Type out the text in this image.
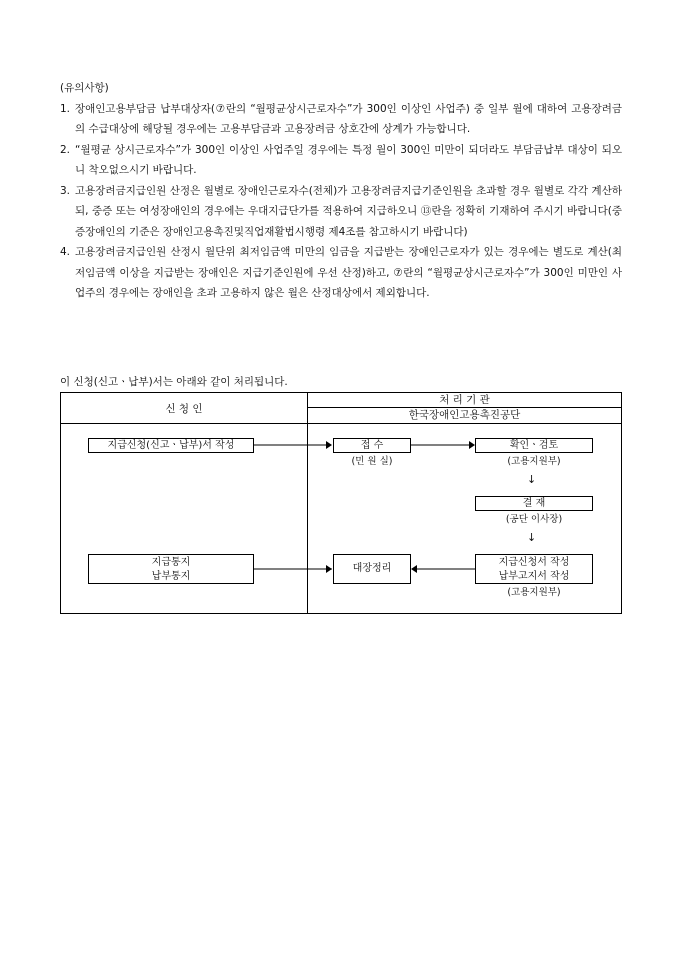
(유의사항)

1. 장애인고용부담금 납부대상자(⑦란의 “월평균상시근로자수”가 300인 이상인 사업주) 중 일부 월에 대하여 고용장려금의 수급대상에 해당될 경우에는 고용부담금과 고용장려금 상호간에 상계가 가능합니다.
2. “월평균 상시근로자수”가 300인 이상인 사업주일 경우에는 특정 월이 300인 미만이 되더라도 부담금납부 대상이 되오니 착오없으시기 바랍니다.
3. 고용장려금지급인원 산정은 월별로 장애인근로자수(전체)가 고용장려금지급기준인원을 초과할 경우 월별로 각각 계산하되, 중증 또는 여성장애인의 경우에는 우대지급단가를 적용하여 지급하오니 ⑬란을 정확히 기재하여 주시기 바랍니다(중증장애인의 기준은 장애인고용촉진및직업재활법시행령 제4조를 참고하시기 바랍니다)
4. 고용장려금지급인원 산정시 월단위 최저임금액 미만의 임금을 지급받는 장애인근로자가 있는 경우에는 별도로 계산(최저임금액 이상을 지급받는 장애인은 지급기준인원에 우선 산정)하고, ⑦란의 “월평균상시근로자수”가 300인 미만인 사업주의 경우에는 장애인을 초과 고용하지 않은 월은 산정대상에서 제외합니다.
이 신청(신고ㆍ납부)서는 아래와 같이 처리됩니다.
신 청 인
처 리 기 관
한국장애인고용촉진공단
지급신청(신고ㆍ납부)서 작성	접 수
(민 원 실)
확인ㆍ검토
(고용지원부)
↓
결 재
(공단 이사장)
↓
지급통지
납부통지
대장정리
지급신청서 작성
납부고지서 작성
(고용지원부)
